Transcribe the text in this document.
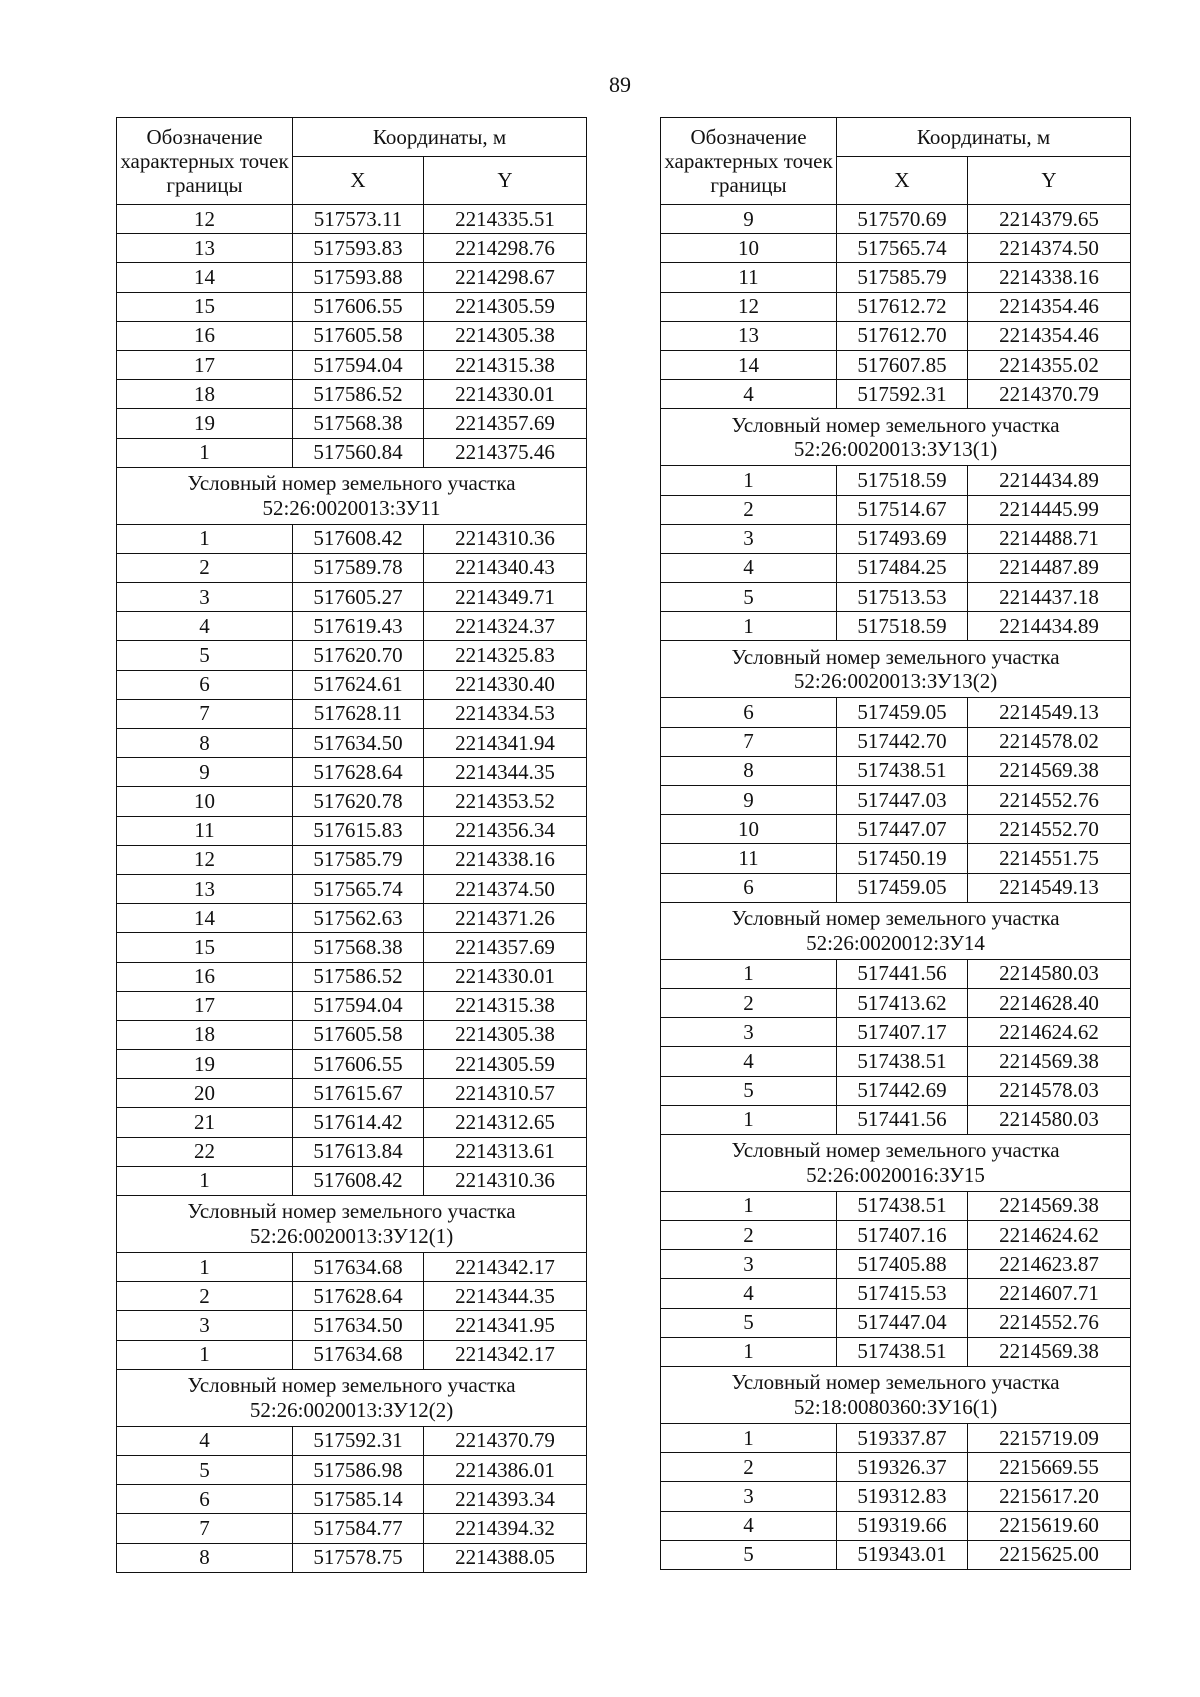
89
Обозначение характерных точек границы	Координаты, м	
	X	Y
12	517573.11	2214335.51
13	517593.83	2214298.76
14	517593.88	2214298.67
15	517606.55	2214305.59
16	517605.58	2214305.38
17	517594.04	2214315.38
18	517586.52	2214330.01
19	517568.38	2214357.69
1	517560.84	2214375.46

Условный номер земельного участка
52:26:0020013:ЗУ11		

1	517608.42	2214310.36
2	517589.78	2214340.43
3	517605.27	2214349.71
4	517619.43	2214324.37
5	517620.70	2214325.83
6	517624.61	2214330.40
7	517628.11	2214334.53
8	517634.50	2214341.94
9	517628.64	2214344.35
10	517620.78	2214353.52
11	517615.83	2214356.34
12	517585.79	2214338.16
13	517565.74	2214374.50
14	517562.63	2214371.26
15	517568.38	2214357.69
16	517586.52	2214330.01
17	517594.04	2214315.38
18	517605.58	2214305.38
19	517606.55	2214305.59
20	517615.67	2214310.57
21	517614.42	2214312.65
22	517613.84	2214313.61
1	517608.42	2214310.36

Условный номер земельного участка
52:26:0020013:ЗУ12(1)		

1	517634.68	2214342.17
2	517628.64	2214344.35
3	517634.50	2214341.95
1	517634.68	2214342.17

Условный номер земельного участка
52:26:0020013:ЗУ12(2)		

4	517592.31	2214370.79
5	517586.98	2214386.01
6	517585.14	2214393.34
7	517584.77	2214394.32
8	517578.75	2214388.05
Обозначение характерных точек границы	Координаты, м	
	X	Y
9	517570.69	2214379.65
10	517565.74	2214374.50
11	517585.79	2214338.16
12	517612.72	2214354.46
13	517612.70	2214354.46
14	517607.85	2214355.02
4	517592.31	2214370.79

Условный номер земельного участка
52:26:0020013:ЗУ13(1)		

1	517518.59	2214434.89
2	517514.67	2214445.99
3	517493.69	2214488.71
4	517484.25	2214487.89
5	517513.53	2214437.18
1	517518.59	2214434.89

Условный номер земельного участка
52:26:0020013:ЗУ13(2)		

6	517459.05	2214549.13
7	517442.70	2214578.02
8	517438.51	2214569.38
9	517447.03	2214552.76
10	517447.07	2214552.70
11	517450.19	2214551.75
6	517459.05	2214549.13

Условный номер земельного участка
52:26:0020012:ЗУ14		

1	517441.56	2214580.03
2	517413.62	2214628.40
3	517407.17	2214624.62
4	517438.51	2214569.38
5	517442.69	2214578.03
1	517441.56	2214580.03

Условный номер земельного участка
52:26:0020016:ЗУ15		

1	517438.51	2214569.38
2	517407.16	2214624.62
3	517405.88	2214623.87
4	517415.53	2214607.71
5	517447.04	2214552.76
1	517438.51	2214569.38

Условный номер земельного участка
52:18:0080360:ЗУ16(1)		

1	519337.87	2215719.09
2	519326.37	2215669.55
3	519312.83	2215617.20
4	519319.66	2215619.60
5	519343.01	2215625.00
